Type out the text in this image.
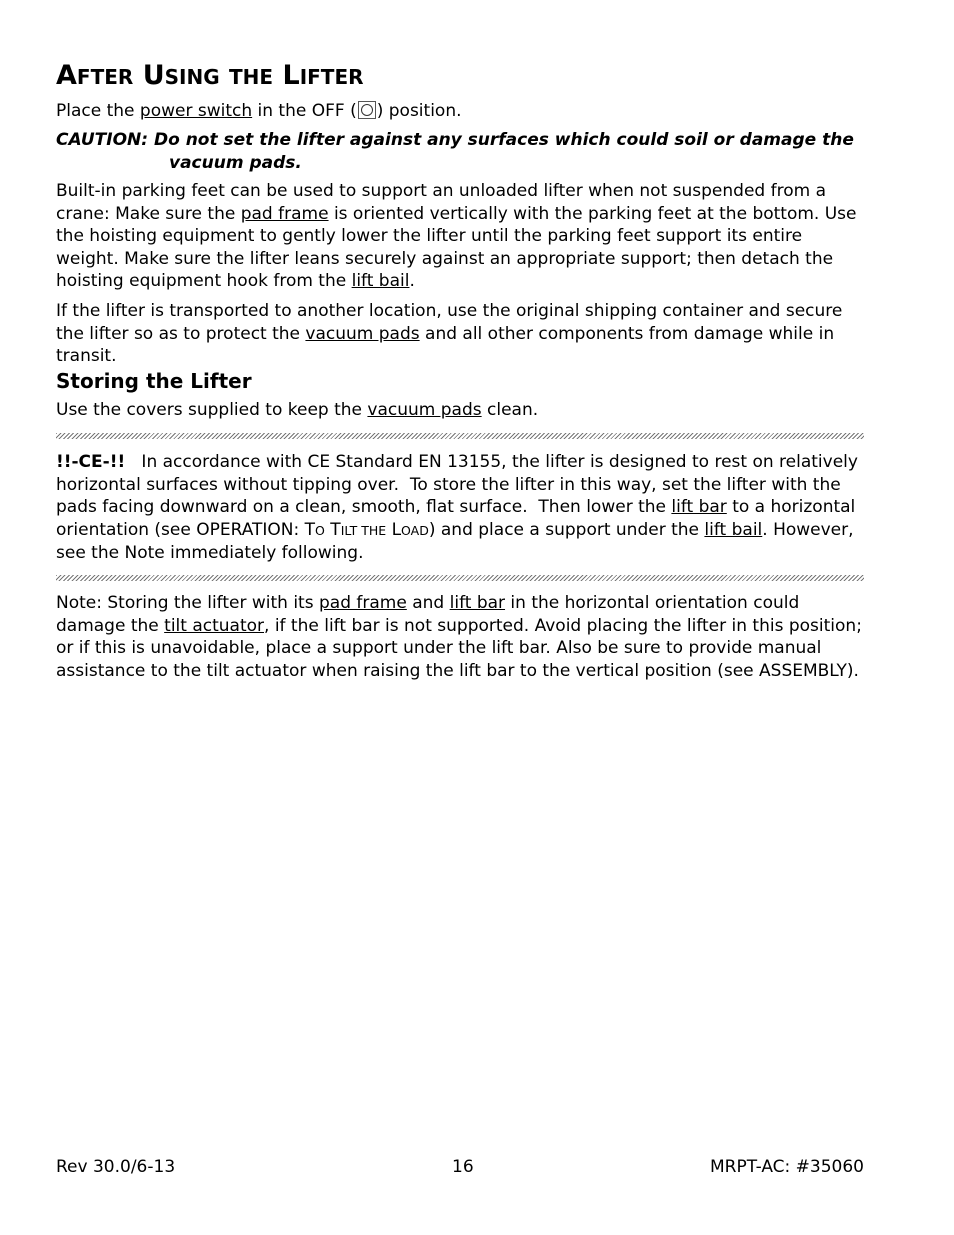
AFTER USING THE LIFTER

Place the power switch in the OFF ( ) position.

CAUTION: Do not set the lifter against any surfaces which could soil or damage the
vacuum pads.

Built-in parking feet can be used to support an unloaded lifter when not suspended from a crane: Make sure the pad frame is oriented vertically with the parking feet at the bottom. Use the hoisting equipment to gently lower the lifter until the parking feet support its entire weight. Make sure the lifter leans securely against an appropriate support; then detach the hoisting equipment hook from the lift bail.

If the lifter is transported to another location, use the original shipping container and secure the lifter so as to protect the vacuum pads and all other components from damage while in transit.

Storing the Lifter

Use the covers supplied to keep the vacuum pads clean.

!!-CE-!!   In accordance with CE Standard EN 13155, the lifter is designed to rest on relatively horizontal surfaces without tipping over.  To store the lifter in this way, set the lifter with the pads facing downward on a clean, smooth, flat surface.  Then lower the lift bar to a horizontal orientation (see OPERATION: TO TILT THE LOAD) and place a support under the lift bail. However, see the Note immediately following.

Note: Storing the lifter with its pad frame and lift bar in the horizontal orientation could damage the tilt actuator, if the lift bar is not supported. Avoid placing the lifter in this position; or if this is unavoidable, place a support under the lift bar. Also be sure to provide manual assistance to the tilt actuator when raising the lift bar to the vertical position (see ASSEMBLY).

Rev 30.0/6-13	16	MRPT-AC: #35060
